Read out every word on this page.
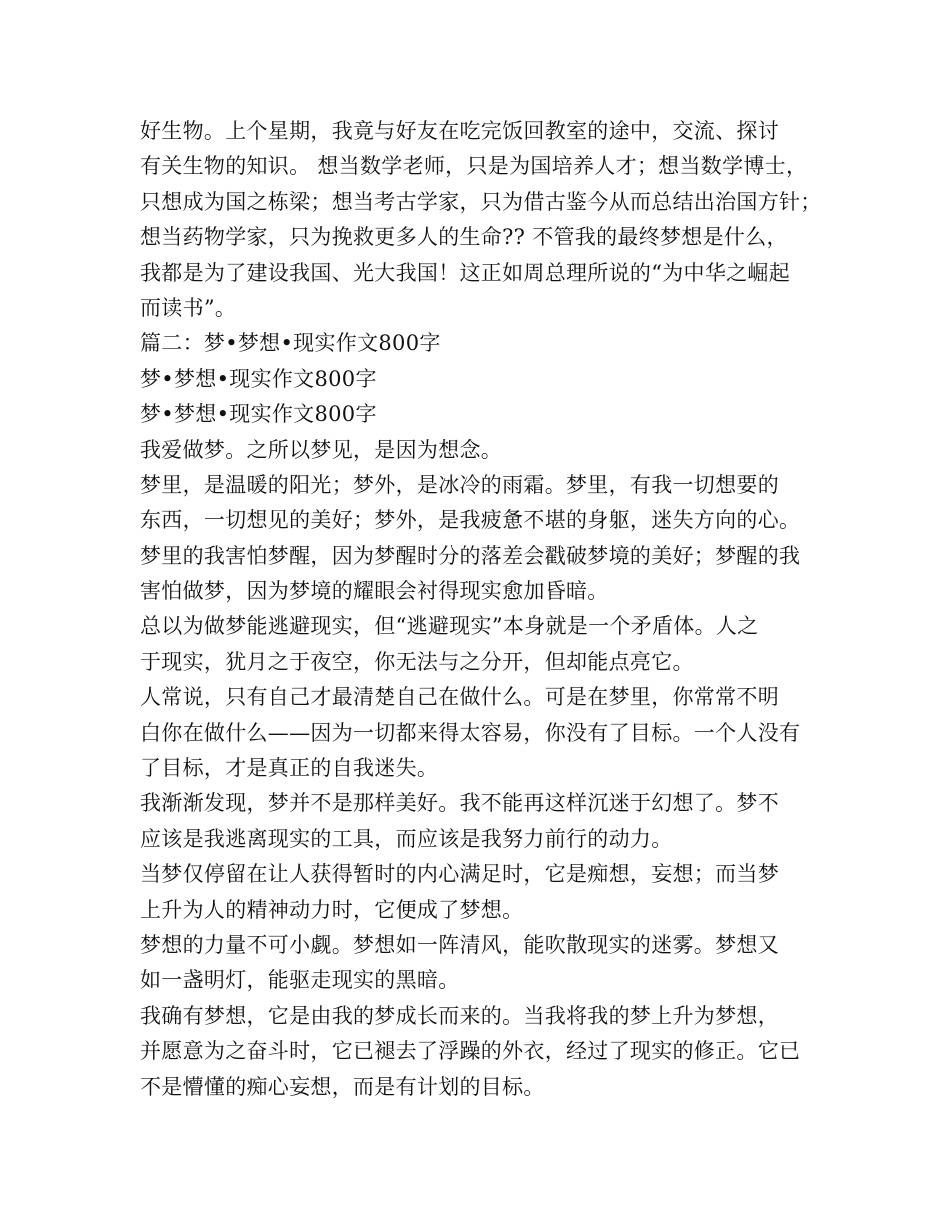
好生物。上个星期，我竟与好友在吃完饭回教室的途中，交流、探讨
有关生物的知识。 想当数学老师，只是为国培养人才；想当数学博士，
只想成为国之栋梁；想当考古学家，只为借古鉴今从而总结出治国方针；
想当药物学家，只为挽救更多人的生命?? 不管我的最终梦想是什么，
我都是为了建设我国、光大我国！这正如周总理所说的“为中华之崛起
而读书”。
篇二：梦•梦想•现实作文800字
梦•梦想•现实作文800字
梦•梦想•现实作文800字
我爱做梦。之所以梦见，是因为想念。
梦里，是温暖的阳光；梦外，是冰冷的雨霜。梦里，有我一切想要的
东西，一切想见的美好；梦外，是我疲惫不堪的身躯，迷失方向的心。
梦里的我害怕梦醒，因为梦醒时分的落差会戳破梦境的美好；梦醒的我
害怕做梦，因为梦境的耀眼会衬得现实愈加昏暗。
总以为做梦能逃避现实，但“逃避现实”本身就是一个矛盾体。人之
于现实，犹月之于夜空，你无法与之分开，但却能点亮它。
人常说，只有自己才最清楚自己在做什么。可是在梦里，你常常不明
白你在做什么——因为一切都来得太容易，你没有了目标。一个人没有
了目标，才是真正的自我迷失。
我渐渐发现，梦并不是那样美好。我不能再这样沉迷于幻想了。梦不
应该是我逃离现实的工具，而应该是我努力前行的动力。
当梦仅停留在让人获得暂时的内心满足时，它是痴想，妄想；而当梦
上升为人的精神动力时，它便成了梦想。
梦想的力量不可小觑。梦想如一阵清风，能吹散现实的迷雾。梦想又
如一盏明灯，能驱走现实的黑暗。
我确有梦想，它是由我的梦成长而来的。当我将我的梦上升为梦想，
并愿意为之奋斗时，它已褪去了浮躁的外衣，经过了现实的修正。它已
不是懵懂的痴心妄想，而是有计划的目标。
